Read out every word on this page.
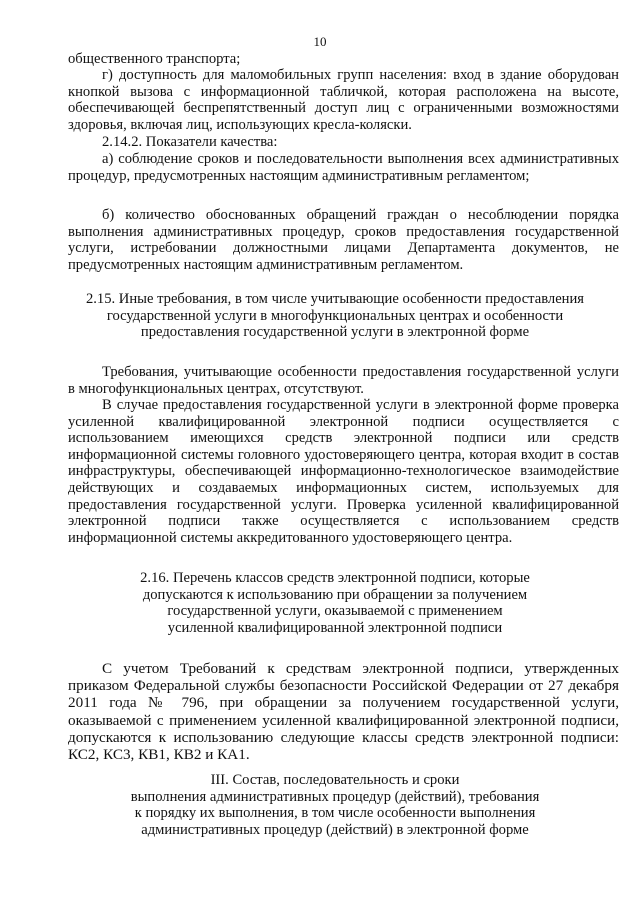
10

общественного транспорта;

г) доступность для маломобильных групп населения: вход в здание оборудован кнопкой вызова с информационной табличкой, которая расположена на высоте, обеспечивающей беспрепятственный доступ лиц с ограниченными возможностями здоровья, включая лиц, использующих кресла-коляски.

2.14.2. Показатели качества:

а) соблюдение сроков и последовательности выполнения всех административных процедур, предусмотренных настоящим административным регламентом;

б) количество обоснованных обращений граждан о несоблюдении порядка выполнения административных процедур, сроков предоставления государственной услуги, истребовании должностными лицами Департамента документов, не предусмотренных настоящим административным регламентом.

2.15. Иные требования, в том числе учитывающие особенности предоставления
государственной услуги в многофункциональных центрах и особенности
предоставления государственной услуги в электронной форме

Требования, учитывающие особенности предоставления государственной услуги в многофункциональных центрах, отсутствуют.

В случае предоставления государственной услуги в электронной форме проверка усиленной квалифицированной электронной подписи осуществляется с использованием имеющихся средств электронной подписи или средств информационной системы головного удостоверяющего центра, которая входит в состав инфраструктуры, обеспечивающей информационно-технологическое взаимодействие действующих и создаваемых информационных систем, используемых для предоставления государственной услуги. Проверка усиленной квалифицированной электронной подписи также осуществляется с использованием средств информационной системы аккредитованного удостоверяющего центра.

2.16. Перечень классов средств электронной подписи, которые
допускаются к использованию при обращении за получением
государственной услуги, оказываемой с применением
усиленной квалифицированной электронной подписи

С учетом Требований к средствам электронной подписи, утвержденных приказом Федеральной службы безопасности Российской Федерации от 27 декабря 2011 года № 796, при обращении за получением государственной услуги, оказываемой с применением усиленной квалифицированной электронной подписи, допускаются к использованию следующие классы средств электронной подписи: КС2, КС3, КВ1, КВ2 и КА1.

III. Состав, последовательность и сроки
выполнения административных процедур (действий), требования
к порядку их выполнения, в том числе особенности выполнения
административных процедур (действий) в электронной форме
